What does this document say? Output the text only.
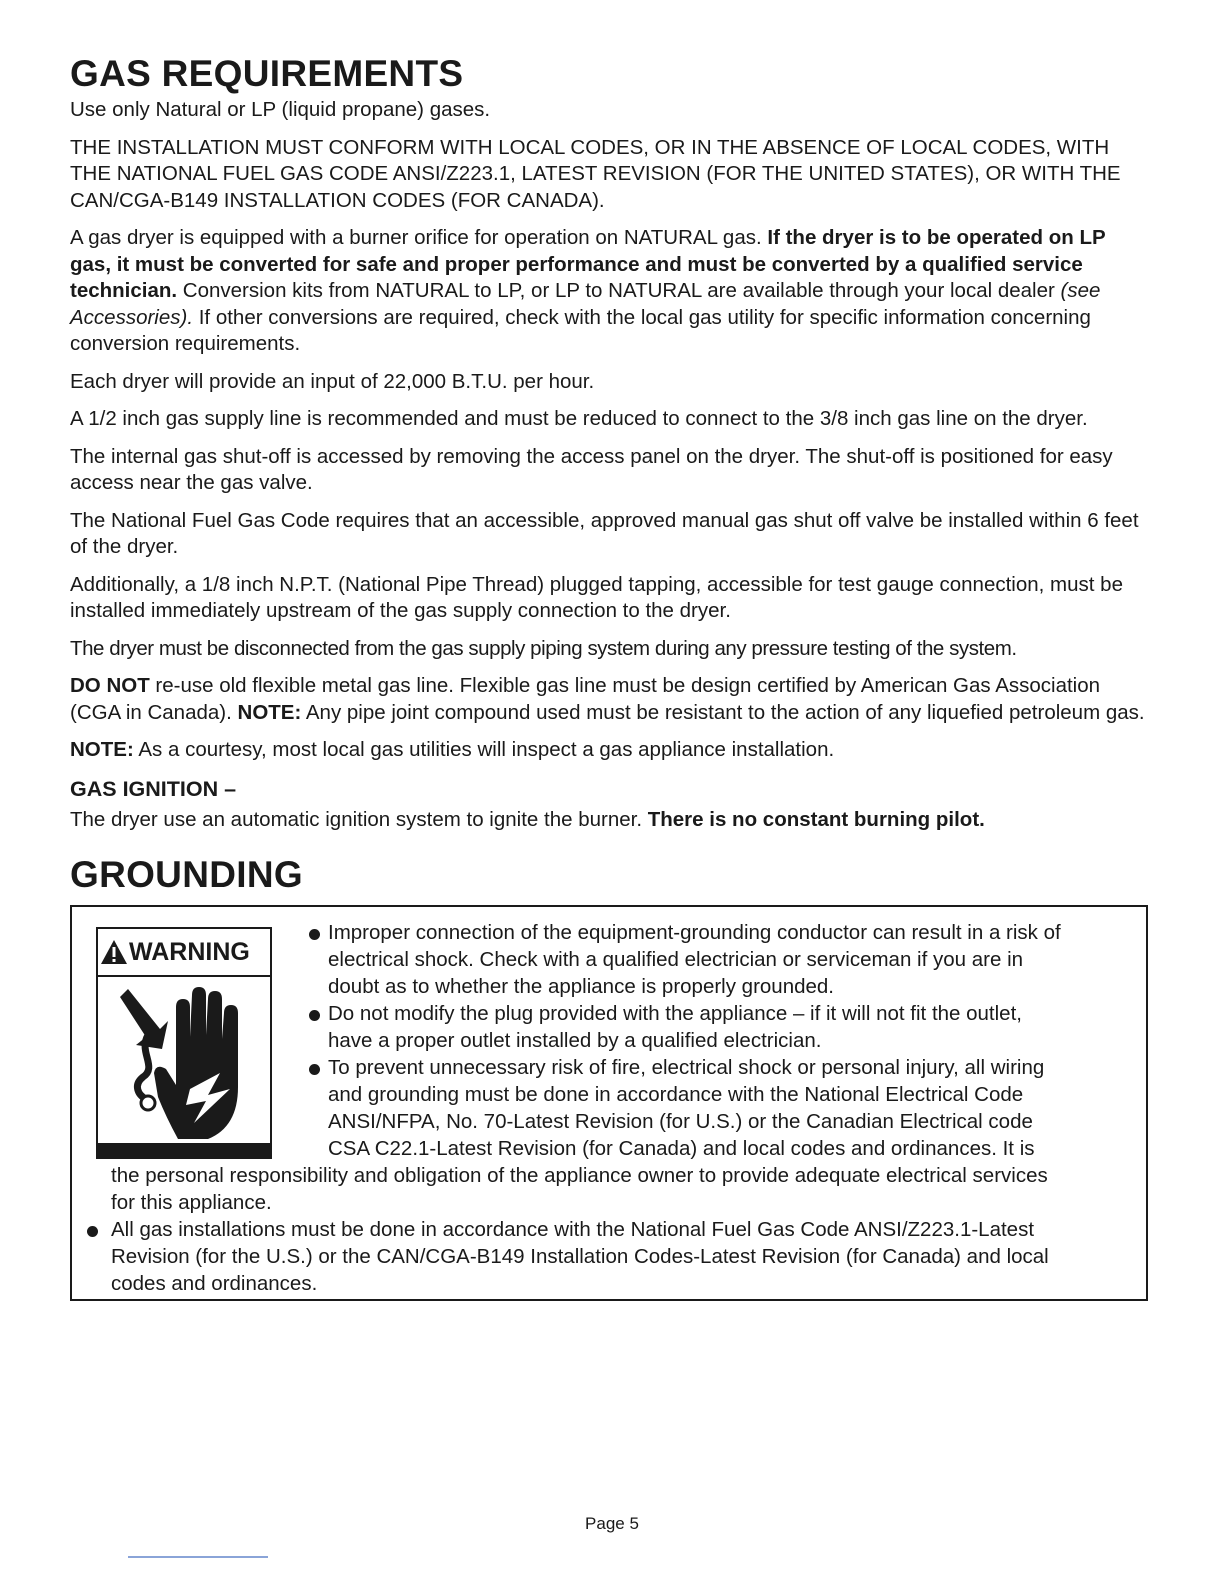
GAS REQUIREMENTS

Use only Natural or LP (liquid propane) gases.

THE INSTALLATION MUST CONFORM WITH LOCAL CODES, OR IN THE ABSENCE OF LOCAL CODES, WITH THE NATIONAL FUEL GAS CODE ANSI/Z223.1, LATEST REVISION (FOR THE UNITED STATES), OR WITH THE CAN/CGA-B149 INSTALLATION CODES (FOR CANADA).

A gas dryer is equipped with a burner orifice for operation on NATURAL gas. If the dryer is to be operated on LP gas, it must be converted for safe and proper performance and must be converted by a qualified service technician. Conversion kits from NATURAL to LP, or LP to NATURAL are available through your local dealer (see Accessories). If other conversions are required, check with the local gas utility for specific information concerning conversion requirements.

Each dryer will provide an input of 22,000 B.T.U. per hour.

A 1/2 inch gas supply line is recommended and must be reduced to connect to the 3/8 inch gas line on the dryer.

The internal gas shut-off is accessed by removing the access panel on the dryer. The shut-off is positioned for easy access near the gas valve.

The National Fuel Gas Code requires that an accessible, approved manual gas shut off valve be installed within 6 feet of the dryer.

Additionally, a 1/8 inch N.P.T. (National Pipe Thread) plugged tapping, accessible for test gauge connection, must be installed immediately upstream of the gas supply connection to the dryer.

The dryer must be disconnected from the gas supply piping system during any pressure testing of the system.

DO NOT re-use old flexible metal gas line. Flexible gas line must be design certified by American Gas Association (CGA in Canada). NOTE: Any pipe joint compound used must be resistant to the action of any liquefied petroleum gas.

NOTE: As a courtesy, most local gas utilities will inspect a gas appliance installation.

GAS IGNITION –

The dryer use an automatic ignition system to ignite the burner. There is no constant burning pilot.

GROUNDING
WARNING
Improper connection of the equipment-grounding conductor can result in a risk of
electrical shock. Check with a qualified electrician or serviceman if you are in
doubt as to whether the appliance is properly grounded.
Do not modify the plug provided with the appliance – if it will not fit the outlet,
have a proper outlet installed by a qualified electrician.
To prevent unnecessary risk of fire, electrical shock or personal injury, all wiring
and grounding must be done in accordance with the National Electrical Code
ANSI/NFPA, No. 70-Latest Revision (for U.S.) or the Canadian Electrical code
CSA C22.1-Latest Revision (for Canada) and local codes and ordinances. It is
the personal responsibility and obligation of the appliance owner to provide adequate electrical services
for this appliance.
All gas installations must be done in accordance with the National Fuel Gas Code ANSI/Z223.1-Latest
Revision (for the U.S.) or the CAN/CGA-B149 Installation Codes-Latest Revision (for Canada) and local
codes and ordinances.
Page 5
